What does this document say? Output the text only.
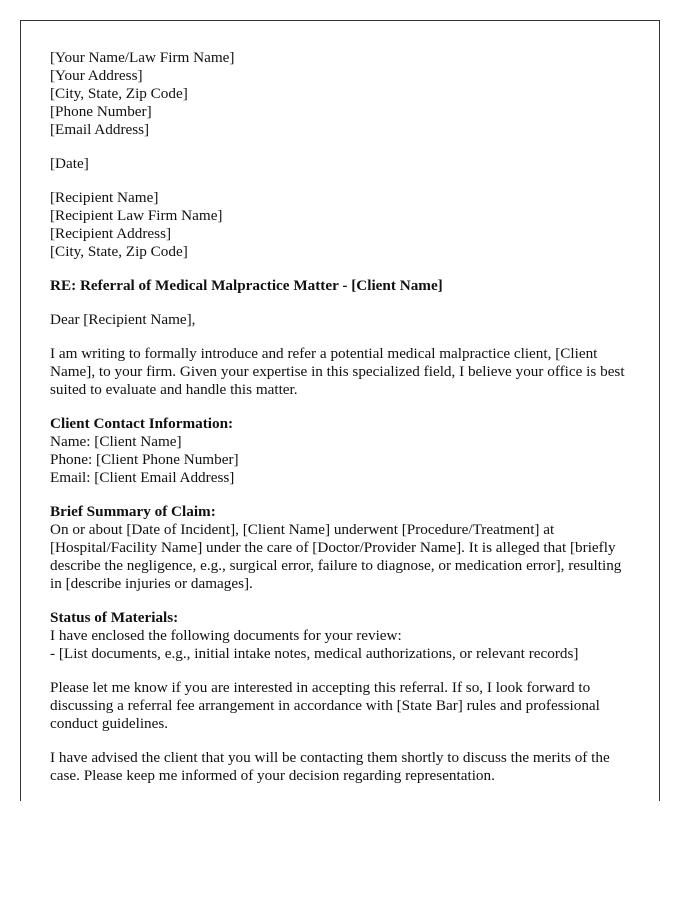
[Your Name/Law Firm Name]
[Your Address]
[City, State, Zip Code]
[Phone Number]
[Email Address]
[Date]
[Recipient Name]
[Recipient Law Firm Name]
[Recipient Address]
[City, State, Zip Code]
RE: Referral of Medical Malpractice Matter - [Client Name]
Dear [Recipient Name],
I am writing to formally introduce and refer a potential medical malpractice client, [Client Name], to your firm. Given your expertise in this specialized field, I believe your office is best suited to evaluate and handle this matter.
Client Contact Information:
Name: [Client Name]
Phone: [Client Phone Number]
Email: [Client Email Address]
Brief Summary of Claim:
On or about [Date of Incident], [Client Name] underwent [Procedure/Treatment] at [Hospital/Facility Name] under the care of [Doctor/Provider Name]. It is alleged that [briefly describe the negligence, e.g., surgical error, failure to diagnose, or medication error], resulting in [describe injuries or damages].
Status of Materials:
I have enclosed the following documents for your review:
- [List documents, e.g., initial intake notes, medical authorizations, or relevant records]
Please let me know if you are interested in accepting this referral. If so, I look forward to discussing a referral fee arrangement in accordance with [State Bar] rules and professional conduct guidelines.
I have advised the client that you will be contacting them shortly to discuss the merits of the case. Please keep me informed of your decision regarding representation.
